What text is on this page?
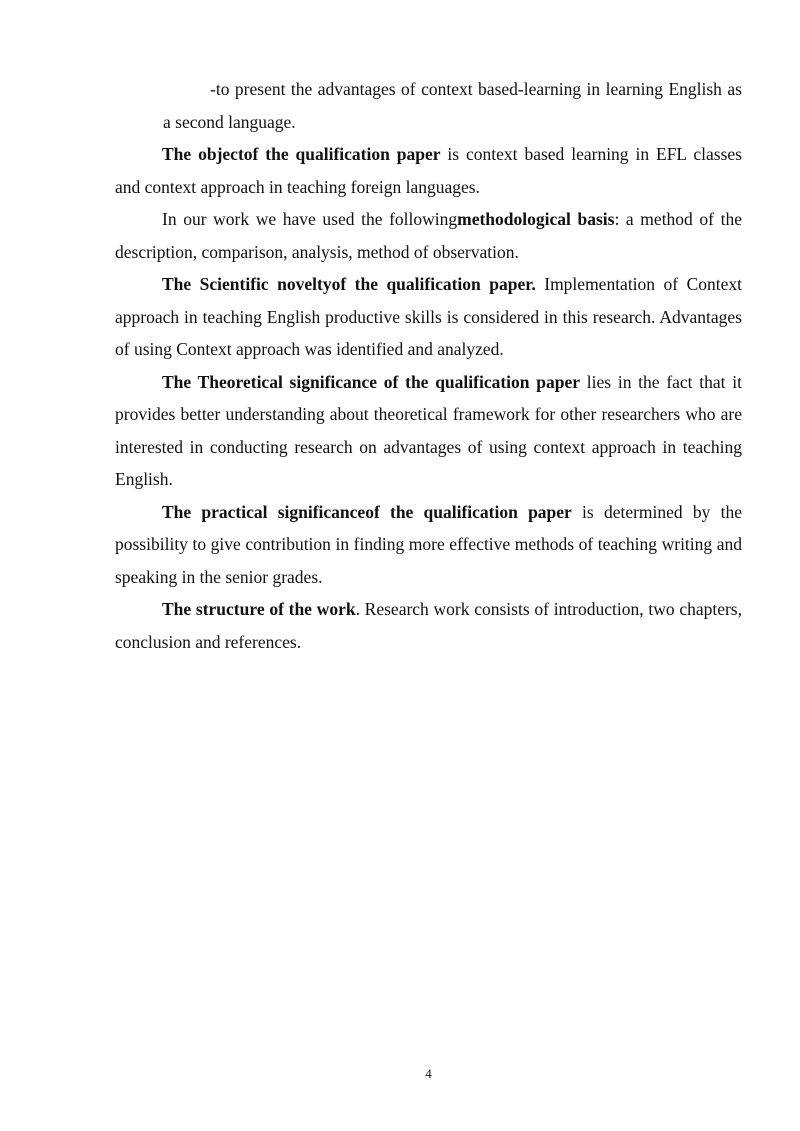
-to present the advantages of context based-learning in learning English as a second language.

The objectof the qualification paper is context based learning in EFL classes and context approach in teaching foreign languages.

In our work we have used the followingmethodological basis: a method of the description, comparison, analysis, method of observation.

The Scientific noveltyof the qualification paper. Implementation of Context approach in teaching English productive skills is considered in this research. Advantages of using Context approach was identified and analyzed.

The Theoretical significance of the qualification paper lies in the fact that it provides better understanding about theoretical framework for other researchers who are interested in conducting research on advantages of using context approach in teaching English.

The practical significanceof the qualification paper is determined by the possibility to give contribution in finding more effective methods of teaching writing and speaking in the senior grades.

The structure of the work. Research work consists of introduction, two chapters, conclusion and references.

4
